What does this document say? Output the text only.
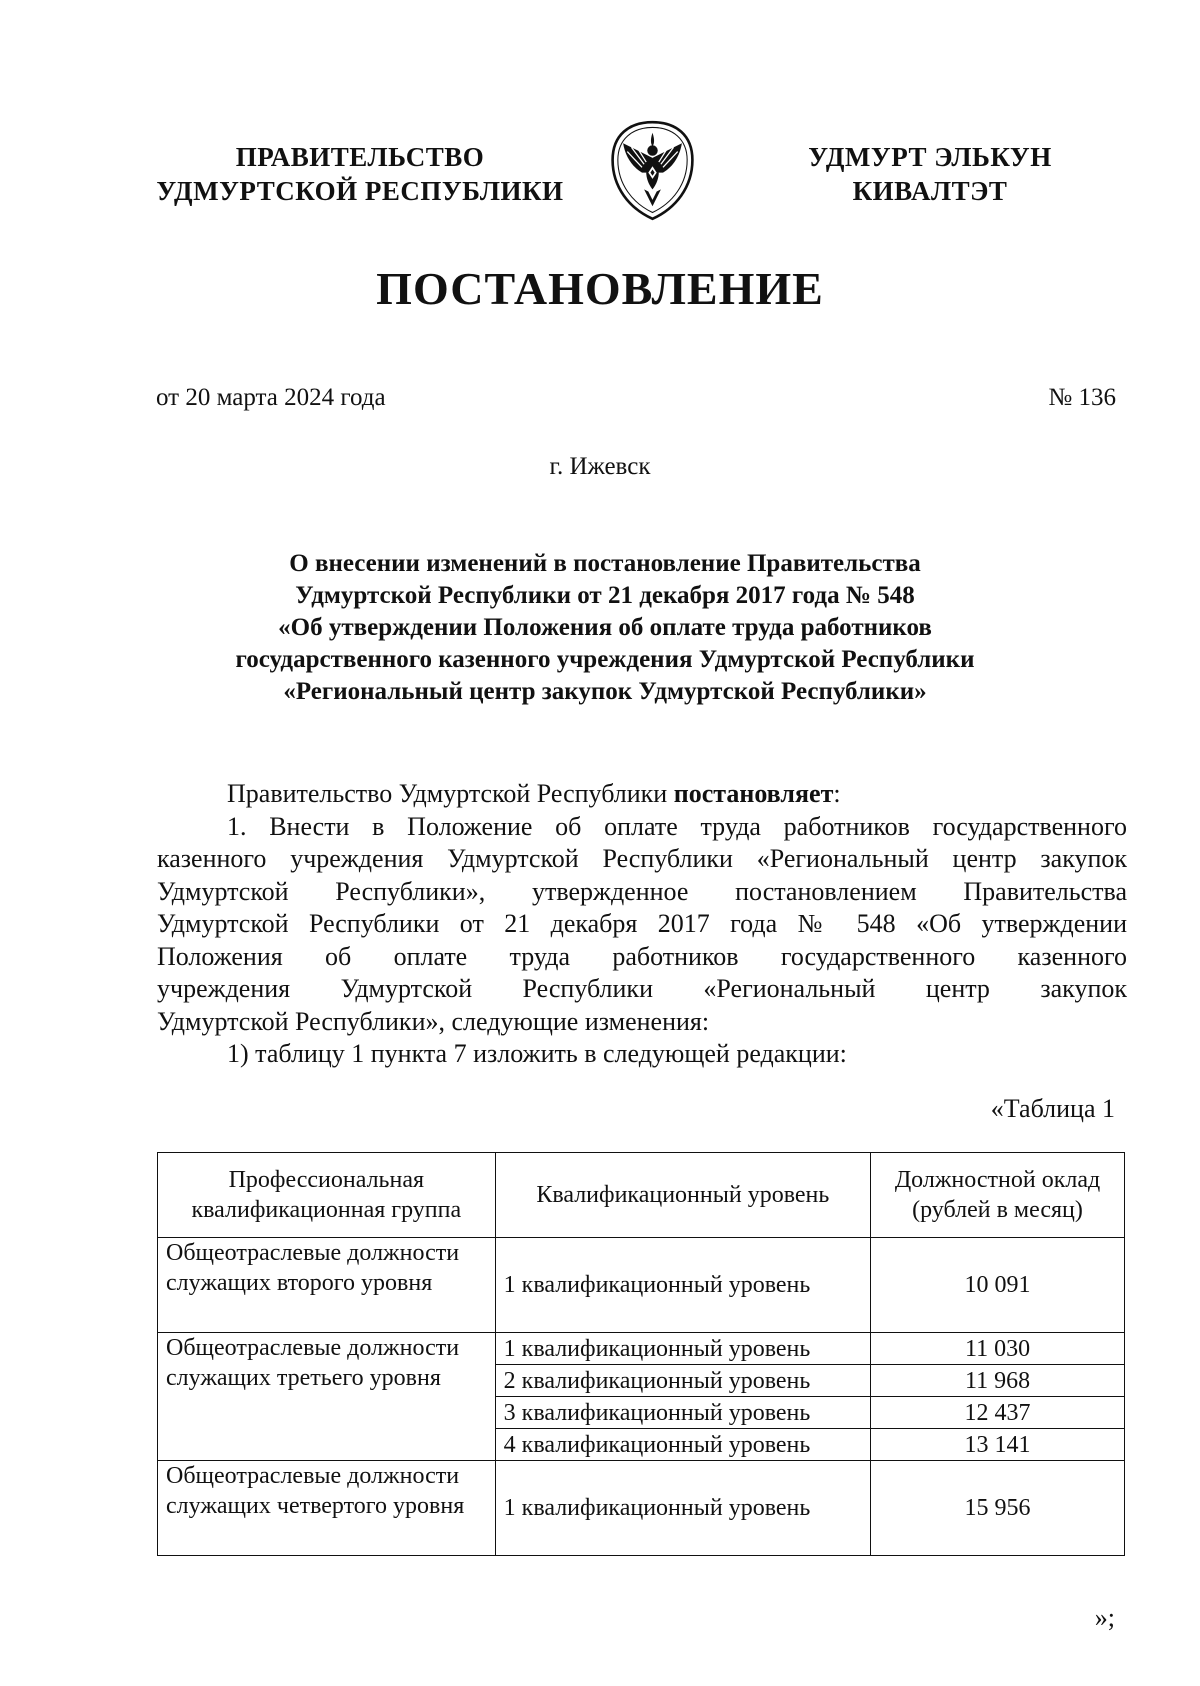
ПРАВИТЕЛЬСТВО
УДМУРТСКОЙ РЕСПУБЛИКИ
УДМУРТ ЭЛЬКУН
КИВАЛТЭТ
ПОСТАНОВЛЕНИЕ
от 20 марта 2024 года	№ 136
г. Ижевск
О внесении изменений в постановление Правительства
Удмуртской Республики от 21 декабря 2017 года № 548
«Об утверждении Положения об оплате труда работников
государственного казенного учреждения Удмуртской Республики
«Региональный центр закупок Удмуртской Республики»
Правительство Удмуртской Республики постановляет:
1. Внести в Положение об оплате труда работников государственного
казенного учреждения Удмуртской Республики «Региональный центр закупок
Удмуртской Республики», утвержденное постановлением Правительства
Удмуртской Республики от 21 декабря 2017 года № 548 «Об утверждении
Положения об оплате труда работников государственного казенного
учреждения Удмуртской Республики «Региональный центр закупок
Удмуртской Республики», следующие изменения:
1) таблицу 1 пункта 7 изложить в следующей редакции:
«Таблица 1
Профессиональная квалификационная группа	Квалификационный уровень	Должностной оклад (рублей в месяц)
Общеотраслевые должности служащих второго уровня	1 квалификационный уровень	10 091
Общеотраслевые должности служащих третьего уровня	1 квалификационный уровень	11 030
	2 квалификационный уровень	11 968
	3 квалификационный уровень	12 437
	4 квалификационный уровень	13 141
Общеотраслевые должности служащих четвертого уровня	1 квалификационный уровень	15 956
»;
